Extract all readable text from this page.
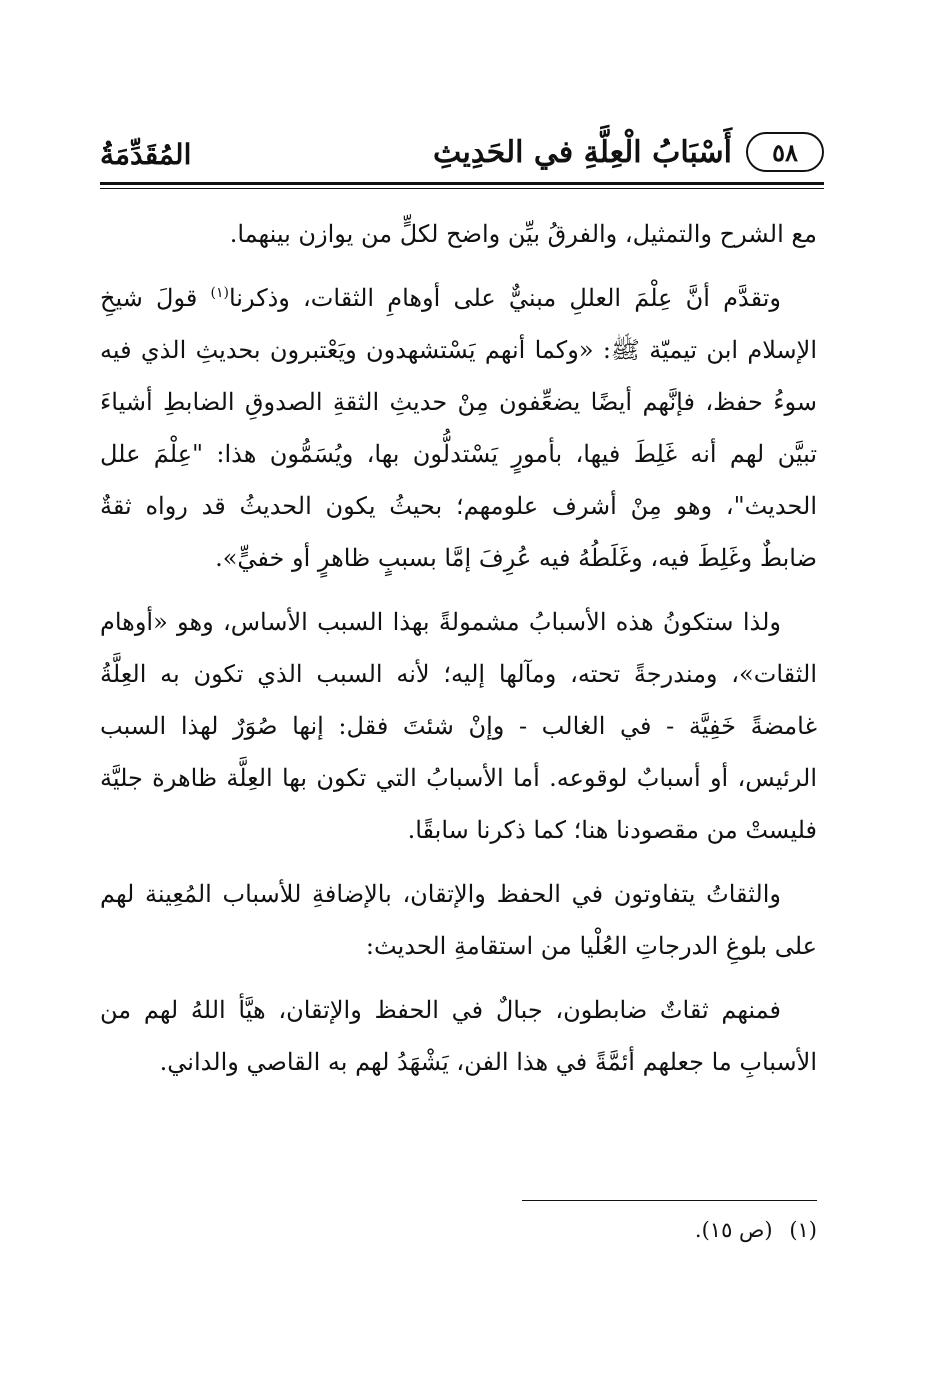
المُقَدِّمَةُ	٥٨
أَسْبَابُ الْعِلَّةِ في الحَدِيثِ

مع الشرح والتمثيل، والفرقُ بيِّن واضح لكلٍّ من يوازن بينهما.

وتقدَّم أنَّ عِلْمَ العللِ مبنيٌّ على أوهامِ الثقات، وذكرنا$^{(١)}$ قولَ شيخِ الإسلام ابن تيميّة ﷺ: «وكما أنهم يَسْتشهدون ويَعْتبرون بحديثِ الذي فيه سوءُ حفظ، فإنَّهم أيضًا يضعِّفون مِنْ حديثِ الثقةِ الصدوقِ الضابطِ أشياءَ تبيَّن لهم أنه غَلِطَ فيها، بأمورٍ يَسْتدلُّون بها، ويُسَمُّون هذا: "عِلْمَ علل الحديث"، وهو مِنْ أشرف علومهم؛ بحيثُ يكون الحديثُ قد رواه ثقةٌ ضابطٌ وغَلِطَ فيه، وغَلَطُهُ فيه عُرِفَ إمَّا بسببٍ ظاهرٍ أو خفيٍّ».

ولذا ستكونُ هذه الأسبابُ مشمولةً بهذا السبب الأساس، وهو «أوهام الثقات»، ومندرجةً تحته، ومآلها إليه؛ لأنه السبب الذي تكون به العِلَّةُ غامضةً خَفِيَّة - في الغالب - وإنْ شئتَ فقل: إنها صُوَرٌ لهذا السبب الرئيس، أو أسبابٌ لوقوعه. أما الأسبابُ التي تكون بها العِلَّة ظاهرة جليَّة فليستْ من مقصودنا هنا؛ كما ذكرنا سابقًا.

والثقاتُ يتفاوتون في الحفظ والإتقان، بالإضافةِ للأسباب المُعِينة لهم على بلوغِ الدرجاتِ العُلْيا من استقامةِ الحديث:

فمنهم ثقاتٌ ضابطون، جبالٌ في الحفظ والإتقان، هيَّأ اللهُ لهم من الأسبابِ ما جعلهم أئمَّةً في هذا الفن، يَشْهَدُ لهم به القاصي والداني.

(١) (ص ١٥).
